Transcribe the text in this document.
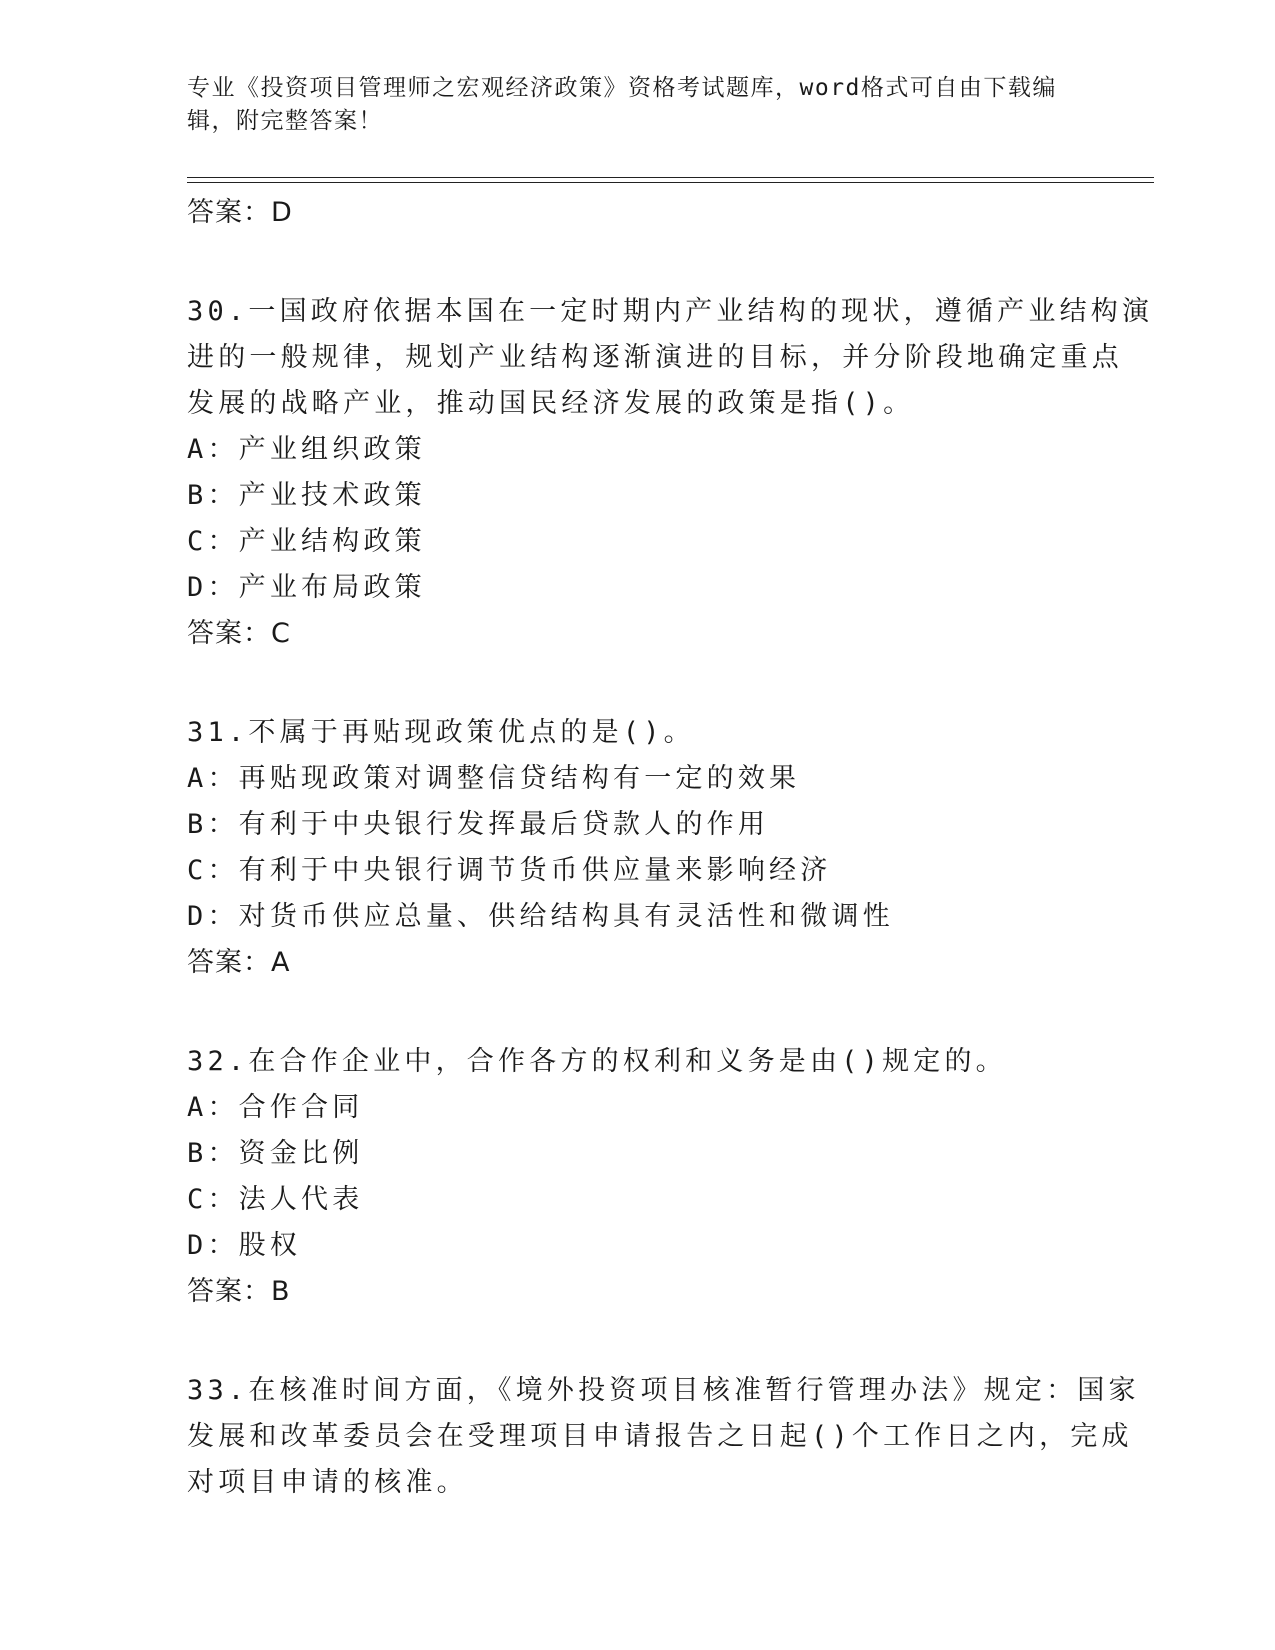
专业《投资项目管理师之宏观经济政策》资格考试题库，word格式可自由下载编
辑，附完整答案！
答案：D
30.一国政府依据本国在一定时期内产业结构的现状，遵循产业结构演
进的一般规律，规划产业结构逐渐演进的目标，并分阶段地确定重点
发展的战略产业，推动国民经济发展的政策是指()。
A：产业组织政策
B：产业技术政策
C：产业结构政策
D：产业布局政策
答案：C
31.不属于再贴现政策优点的是()。
A：再贴现政策对调整信贷结构有一定的效果
B：有利于中央银行发挥最后贷款人的作用
C：有利于中央银行调节货币供应量来影响经济
D：对货币供应总量、供给结构具有灵活性和微调性
答案：A
32.在合作企业中，合作各方的权利和义务是由()规定的。
A：合作合同
B：资金比例
C：法人代表
D：股权
答案：B
33.在核准时间方面，《境外投资项目核准暂行管理办法》规定：国家
发展和改革委员会在受理项目申请报告之日起()个工作日之内，完成
对项目申请的核准。
